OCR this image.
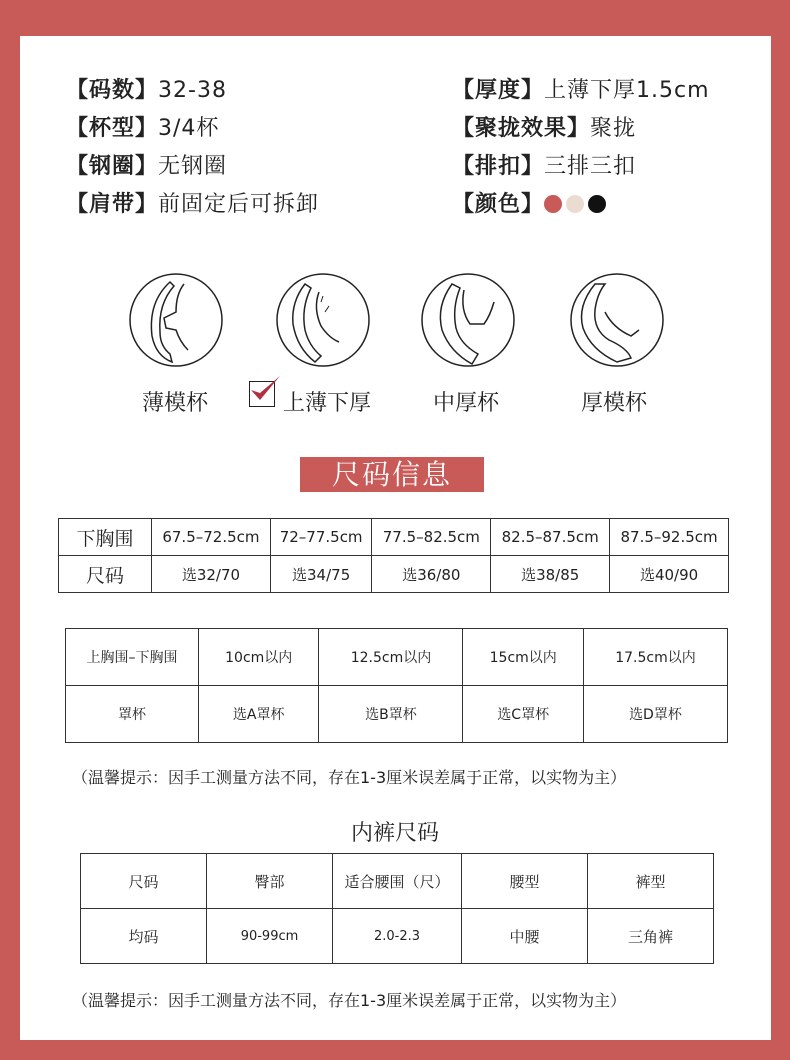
【码数】32-38
【杯型】3/4杯
【钢圈】无钢圈
【肩带】前固定后可拆卸
【厚度】上薄下厚1.5cm
【聚拢效果】聚拢
【排扣】三排三扣
【颜色】
薄模杯	上薄下厚	中厚杯	厚模杯
尺码信息
下胸围	67.5–72.5cm	72–77.5cm	77.5–82.5cm	82.5–87.5cm	87.5–92.5cm
尺码	选32/70	选34/75	选36/80	选38/85	选40/90
上胸围–下胸围	10cm以内	12.5cm以内	15cm以内	17.5cm以内
罩杯	选A罩杯	选B罩杯	选C罩杯	选D罩杯
（温馨提示：因手工测量方法不同，存在1-3厘米误差属于正常，以实物为主）
内裤尺码
尺码	臀部	适合腰围（尺）	腰型	裤型
均码	90-99cm	2.0-2.3	中腰	三角裤
（温馨提示：因手工测量方法不同，存在1-3厘米误差属于正常，以实物为主）
